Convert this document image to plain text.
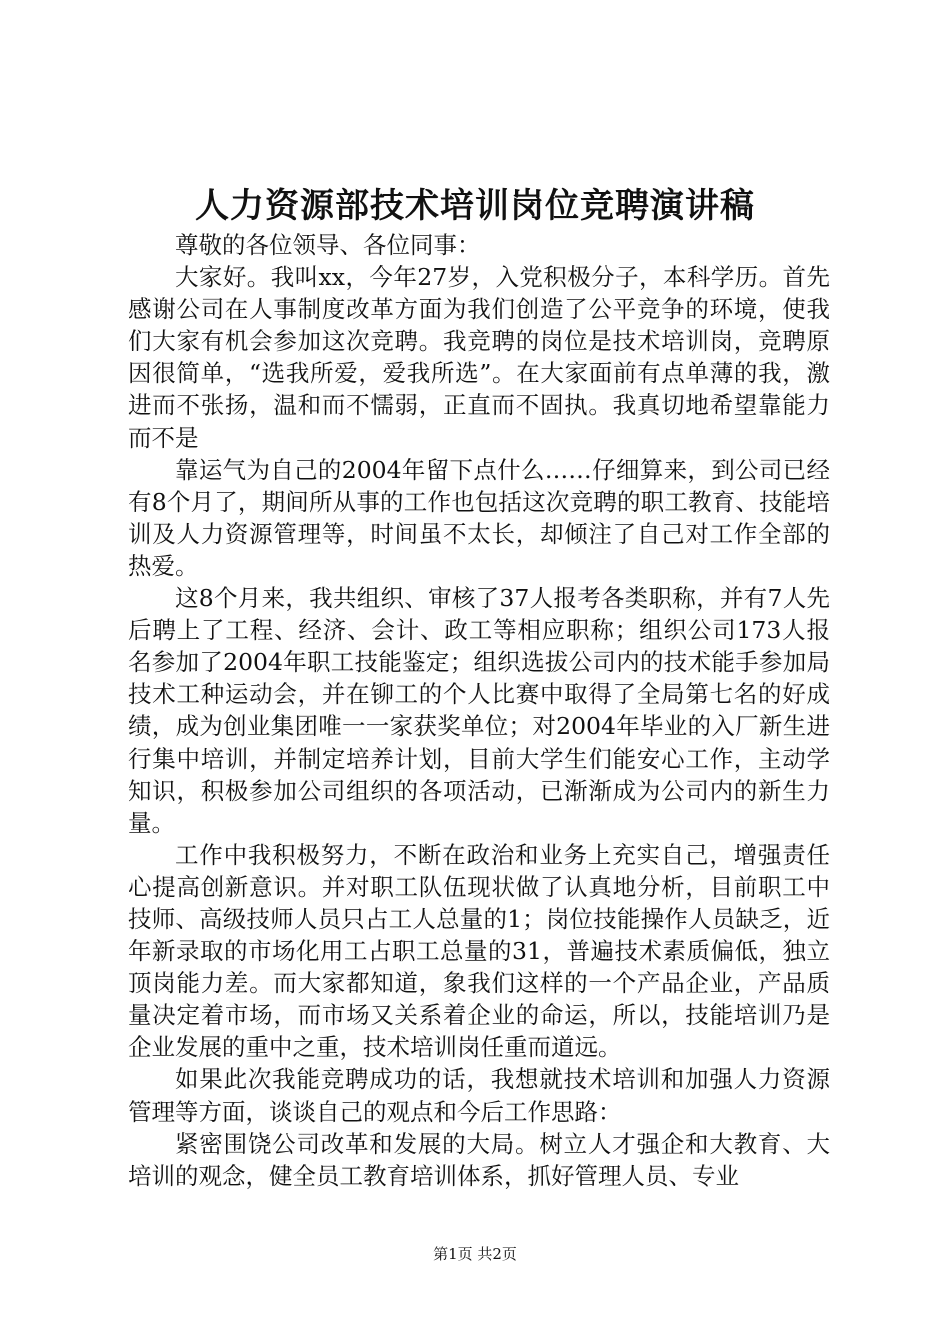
人力资源部技术培训岗位竞聘演讲稿

尊敬的各位领导、各位同事：

大家好。我叫xx，今年27岁，入党积极分子，本科学历。首先感谢公司在人事制度改革方面为我们创造了公平竞争的环境，使我们大家有机会参加这次竞聘。我竞聘的岗位是技术培训岗，竞聘原因很简单，“选我所爱，爱我所选”。在大家面前有点单薄的我，激进而不张扬，温和而不懦弱，正直而不固执。我真切地希望靠能力而不是

靠运气为自己的2004年留下点什么……仔细算来，到公司已经有8个月了，期间所从事的工作也包括这次竞聘的职工教育、技能培训及人力资源管理等，时间虽不太长，却倾注了自己对工作全部的热爱。

这8个月来，我共组织、审核了37人报考各类职称，并有7人先后聘上了工程、经济、会计、政工等相应职称；组织公司173人报名参加了2004年职工技能鉴定；组织选拔公司内的技术能手参加局技术工种运动会，并在铆工的个人比赛中取得了全局第七名的好成绩，成为创业集团唯一一家获奖单位；对2004年毕业的入厂新生进行集中培训，并制定培养计划，目前大学生们能安心工作，主动学知识，积极参加公司组织的各项活动，已渐渐成为公司内的新生力量。

工作中我积极努力，不断在政治和业务上充实自己，增强责任心提高创新意识。并对职工队伍现状做了认真地分析，目前职工中技师、高级技师人员只占工人总量的1；岗位技能操作人员缺乏，近年新录取的市场化用工占职工总量的31，普遍技术素质偏低，独立顶岗能力差。而大家都知道，象我们这样的一个产品企业，产品质量决定着市场，而市场又关系着企业的命运，所以，技能培训乃是企业发展的重中之重，技术培训岗任重而道远。

如果此次我能竞聘成功的话，我想就技术培训和加强人力资源管理等方面，谈谈自己的观点和今后工作思路：

紧密围饶公司改革和发展的大局。树立人才强企和大教育、大培训的观念，健全员工教育培训体系，抓好管理人员、专业

第1页 共2页
